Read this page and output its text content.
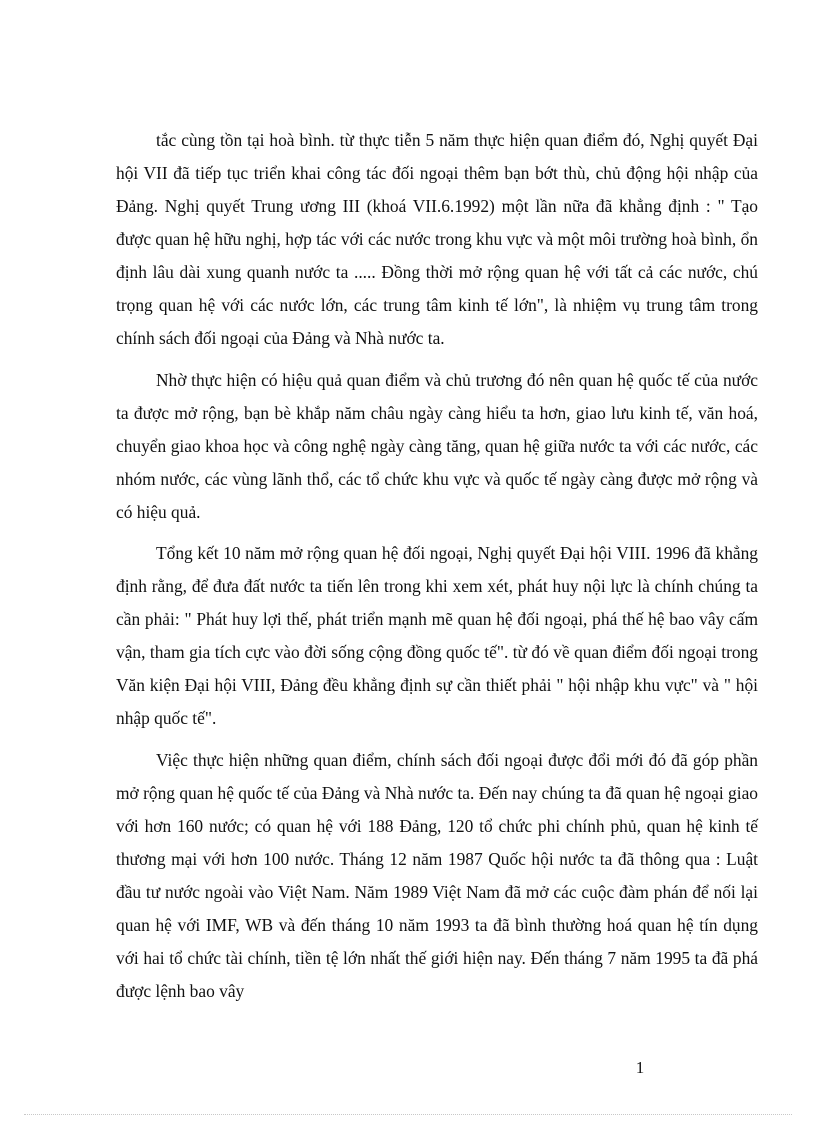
tắc cùng tồn tại hoà bình. từ thực tiễn 5 năm thực hiện quan điểm đó, Nghị quyết Đại hội VII đã tiếp tục triển khai công tác đối ngoại thêm bạn bớt thù, chủ động hội nhập của Đảng. Nghị quyết Trung ương III (khoá VII.6.1992) một lần nữa đã khẳng định : " Tạo được quan hệ hữu nghị, hợp tác với các nước trong khu vực và một môi trường hoà bình, ổn định lâu dài xung quanh nước ta ..... Đồng thời mở rộng quan hệ với tất cả các nước, chú trọng quan hệ với các nước lớn, các trung tâm kinh tế lớn", là nhiệm vụ trung tâm trong chính sách đối ngoại của Đảng và Nhà nước ta.

Nhờ thực hiện có hiệu quả quan điểm và chủ trương đó nên quan hệ quốc tế của nước ta được mở rộng, bạn bè khắp năm châu ngày càng hiểu ta hơn, giao lưu kinh tế, văn hoá, chuyển giao khoa học và công nghệ ngày càng tăng, quan hệ giữa nước ta với các nước, các nhóm nước, các vùng lãnh thổ, các tổ chức khu vực và quốc tế ngày càng được mở rộng và có hiệu quả.

Tổng kết 10 năm mở rộng quan hệ đối ngoại, Nghị quyết Đại hội VIII. 1996 đã khẳng định rằng, để đưa đất nước ta tiến lên trong khi xem xét, phát huy nội lực là chính chúng ta cần phải: " Phát huy lợi thế, phát triển mạnh mẽ quan hệ đối ngoại, phá thế hệ bao vây cấm vận, tham gia tích cực vào đời sống cộng đồng quốc tế". từ đó về quan điểm đối ngoại trong Văn kiện Đại hội VIII, Đảng đều khẳng định sự cần thiết phải " hội nhập khu vực" và " hội nhập quốc tế".

Việc thực hiện những quan điểm, chính sách đối ngoại được đổi mới đó đã góp phần mở rộng quan hệ quốc tế của Đảng và Nhà nước ta. Đến nay chúng ta đã quan hệ ngoại giao với hơn 160 nước; có quan hệ với 188 Đảng, 120 tổ chức phi chính phủ, quan hệ kinh tế thương mại với hơn 100 nước. Tháng 12 năm 1987 Quốc hội nước ta đã thông qua : Luật đầu tư nước ngoài vào Việt Nam. Năm 1989 Việt Nam đã mở các cuộc đàm phán để nối lại quan hệ với IMF, WB và đến tháng 10 năm 1993 ta đã bình thường hoá quan hệ tín dụng với hai tổ chức tài chính, tiền tệ lớn nhất thế giới hiện nay. Đến tháng 7 năm 1995 ta đã phá được lệnh bao vây

1
